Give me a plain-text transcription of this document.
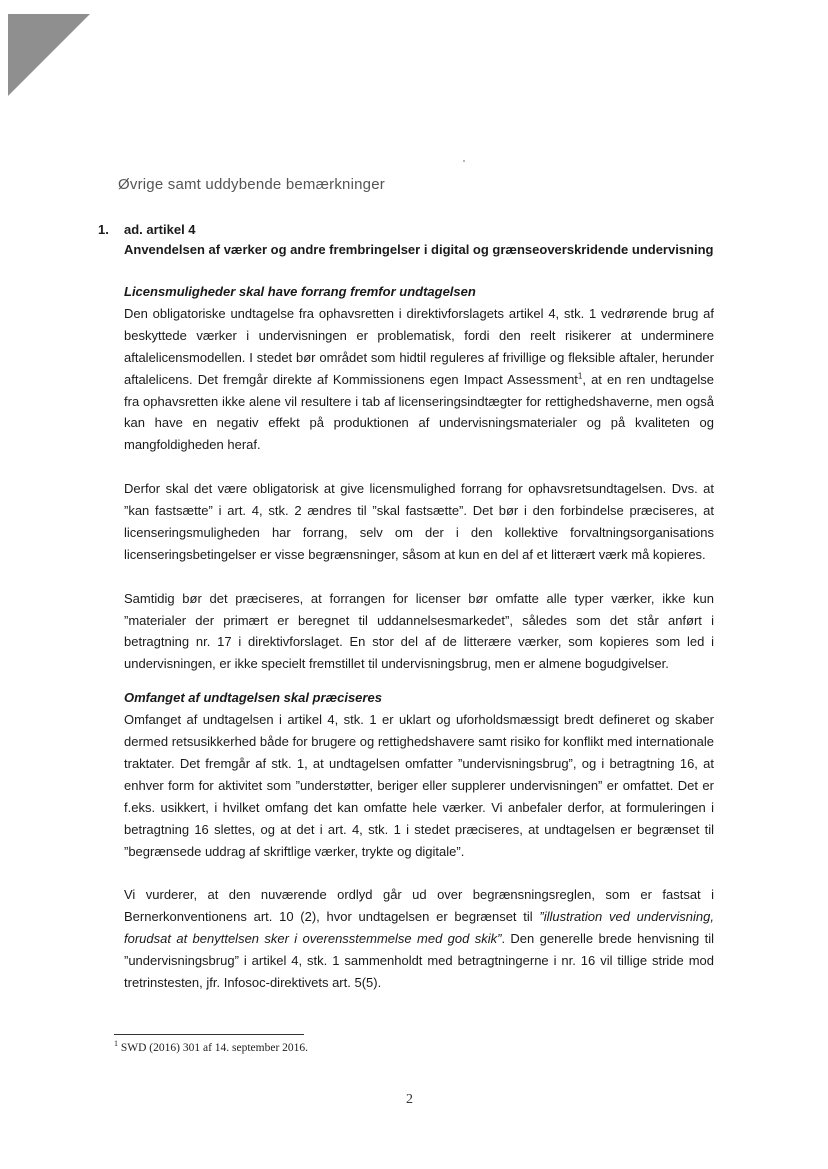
Øvrige samt uddybende bemærkninger
1.	ad. artikel 4
Anvendelsen af værker og andre frembringelser i digital og grænseoverskridende undervisning

Licensmuligheder skal have forrang fremfor undtagelsen

Den obligatoriske undtagelse fra ophavsretten i direktivforslagets artikel 4, stk. 1 vedrørende brug af beskyttede værker i undervisningen er problematisk, fordi den reelt risikerer at underminere aftalelicensmodellen. I stedet bør området som hidtil reguleres af frivillige og fleksible aftaler, herunder aftalelicens. Det fremgår direkte af Kommissionens egen Impact Assessment$^1$, at en ren undtagelse fra ophavsretten ikke alene vil resultere i tab af licenseringsindtægter for rettighedshaverne, men også kan have en negativ effekt på produktionen af undervisningsmaterialer og på kvaliteten og mangfoldigheden heraf.

Derfor skal det være obligatorisk at give licensmulighed forrang for ophavsretsundtagelsen. Dvs. at ”kan fastsætte” i art. 4, stk. 2 ændres til ”skal fastsætte”. Det bør i den forbindelse præciseres, at licenseringsmuligheden har forrang, selv om der i den kollektive forvaltningsorganisations licenseringsbetingelser er visse begrænsninger, såsom at kun en del af et litterært værk må kopieres.

Samtidig bør det præciseres, at forrangen for licenser bør omfatte alle typer værker, ikke kun ”materialer der primært er beregnet til uddannelsesmarkedet”, således som det står anført i betragtning nr. 17 i direktivforslaget. En stor del af de litterære værker, som kopieres som led i undervisningen, er ikke specielt fremstillet til undervisningsbrug, men er almene bogudgivelser.

Omfanget af undtagelsen skal præciseres

Omfanget af undtagelsen i artikel 4, stk. 1 er uklart og uforholdsmæssigt bredt defineret og skaber dermed retsusikkerhed både for brugere og rettighedshavere samt risiko for konflikt med internationale traktater. Det fremgår af stk. 1, at undtagelsen omfatter ”undervisningsbrug”, og i betragtning 16, at enhver form for aktivitet som ”understøtter, beriger eller supplerer undervisningen” er omfattet. Det er f.eks. usikkert, i hvilket omfang det kan omfatte hele værker. Vi anbefaler derfor, at formuleringen i betragtning 16 slettes, og at det i art. 4, stk. 1 i stedet præciseres, at undtagelsen er begrænset til ”begrænsede uddrag af skriftlige værker, trykte og digitale”.

Vi vurderer, at den nuværende ordlyd går ud over begrænsningsreglen, som er fastsat i Bernerkonventionens art. 10 (2), hvor undtagelsen er begrænset til ”illustration ved undervisning, forudsat at benyttelsen sker i overensstemmelse med god skik”. Den generelle brede henvisning til ”undervisningsbrug” i artikel 4, stk. 1 sammenholdt med betragtningerne i nr. 16 vil tillige stride mod tretrinstesten, jfr. Infosoc-direktivets art. 5(5).

$^1$ SWD (2016) 301 af 14. september 2016.
2
